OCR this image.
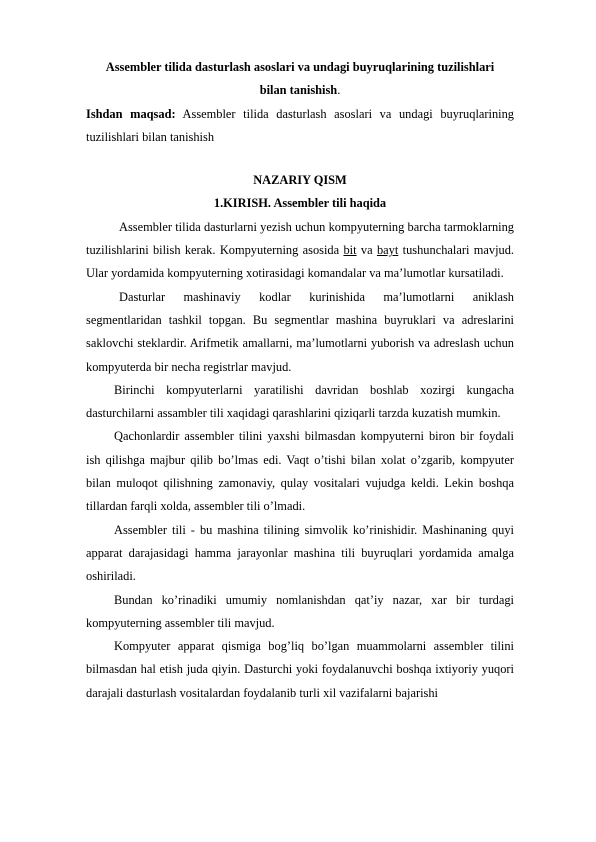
Assembler tilida dasturlash asoslari va undagi buyruqlarining tuzilishlari
bilan tanishish.

Ishdan maqsad: Assembler tilida dasturlash asoslari va undagi buyruqlarining tuzilishlari bilan tanishish

NAZARIY QISM

1.KIRISH. Assembler tili haqida

Assembler tilida dasturlarni yezish uchun kompyuterning barcha tarmoklarning tuzilishlarini bilish kerak. Kompyuterning asosida bit va bayt tushunchalari mavjud. Ular yordamida kompyuterning xotirasidagi komandalar va ma’lumotlar kursatiladi.

Dasturlar mashinaviy kodlar kurinishida ma’lumotlarni aniklash segmentlaridan tashkil topgan. Bu segmentlar mashina buyruklari va adreslarini saklovchi steklardir. Arifmetik amallarni, ma’lumotlarni yuborish va adreslash uchun kompyuterda bir necha registrlar mavjud.

Birinchi kompyuterlarni yaratilishi davridan boshlab xozirgi kungacha dasturchilarni assambler tili xaqidagi qarashlarini qiziqarli tarzda kuzatish mumkin.

Qachonlardir assembler tilini yaxshi bilmasdan kompyuterni biron bir foydali ish qilishga majbur qilib bo’lmas edi. Vaqt o’tishi bilan xolat o’zgarib, kompyuter bilan muloqot qilishning zamonaviy, qulay vositalari vujudga keldi. Lekin boshqa tillardan farqli xolda, assembler tili o’lmadi.

Assembler tili - bu mashina tilining simvolik ko’rinishidir. Mashinaning quyi apparat darajasidagi hamma jarayonlar mashina tili buyruqlari yordamida amalga oshiriladi.

Bundan ko’rinadiki umumiy nomlanishdan qat’iy nazar, xar bir turdagi kompyuterning assembler tili mavjud.

Kompyuter apparat qismiga bog’liq bo’lgan muammolarni assembler tilini bilmasdan hal etish juda qiyin. Dasturchi yoki foydalanuvchi boshqa ixtiyoriy yuqori darajali dasturlash vositalardan foydalanib turli xil vazifalarni bajarishi
